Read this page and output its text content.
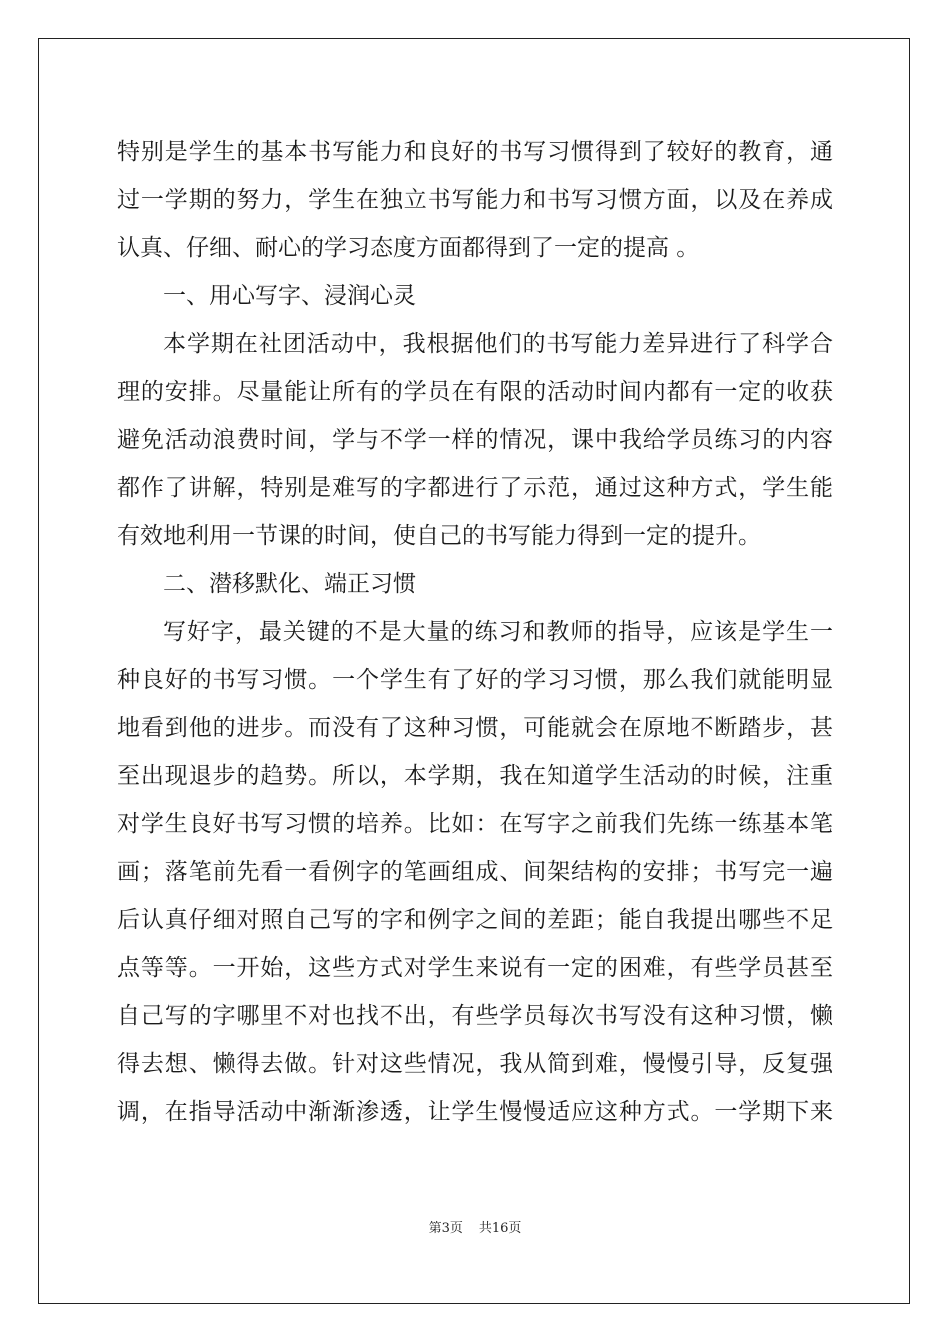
特别是学生的基本书写能力和良好的书写习惯得到了较好的教育，通
过一学期的努力，学生在独立书写能力和书写习惯方面，以及在养成
认真、仔细、耐心的学习态度方面都得到了一定的提高 。
一、用心写字、浸润心灵
本学期在社团活动中，我根据他们的书写能力差异进行了科学合
理的安排。尽量能让所有的学员在有限的活动时间内都有一定的收获
避免活动浪费时间，学与不学一样的情况，课中我给学员练习的内容
都作了讲解，特别是难写的字都进行了示范，通过这种方式，学生能
有效地利用一节课的时间，使自己的书写能力得到一定的提升。
二、潜移默化、端正习惯
写好字，最关键的不是大量的练习和教师的指导，应该是学生一
种良好的书写习惯。一个学生有了好的学习习惯，那么我们就能明显
地看到他的进步。而没有了这种习惯，可能就会在原地不断踏步，甚
至出现退步的趋势。所以，本学期，我在知道学生活动的时候，注重
对学生良好书写习惯的培养。比如：在写字之前我们先练一练基本笔
画；落笔前先看一看例字的笔画组成、间架结构的安排；书写完一遍
后认真仔细对照自己写的字和例字之间的差距；能自我提出哪些不足
点等等。一开始，这些方式对学生来说有一定的困难，有些学员甚至
自己写的字哪里不对也找不出，有些学员每次书写没有这种习惯，懒
得去想、懒得去做。针对这些情况，我从简到难，慢慢引导，反复强
调，在指导活动中渐渐渗透，让学生慢慢适应这种方式。一学期下来
第3页 共16页
